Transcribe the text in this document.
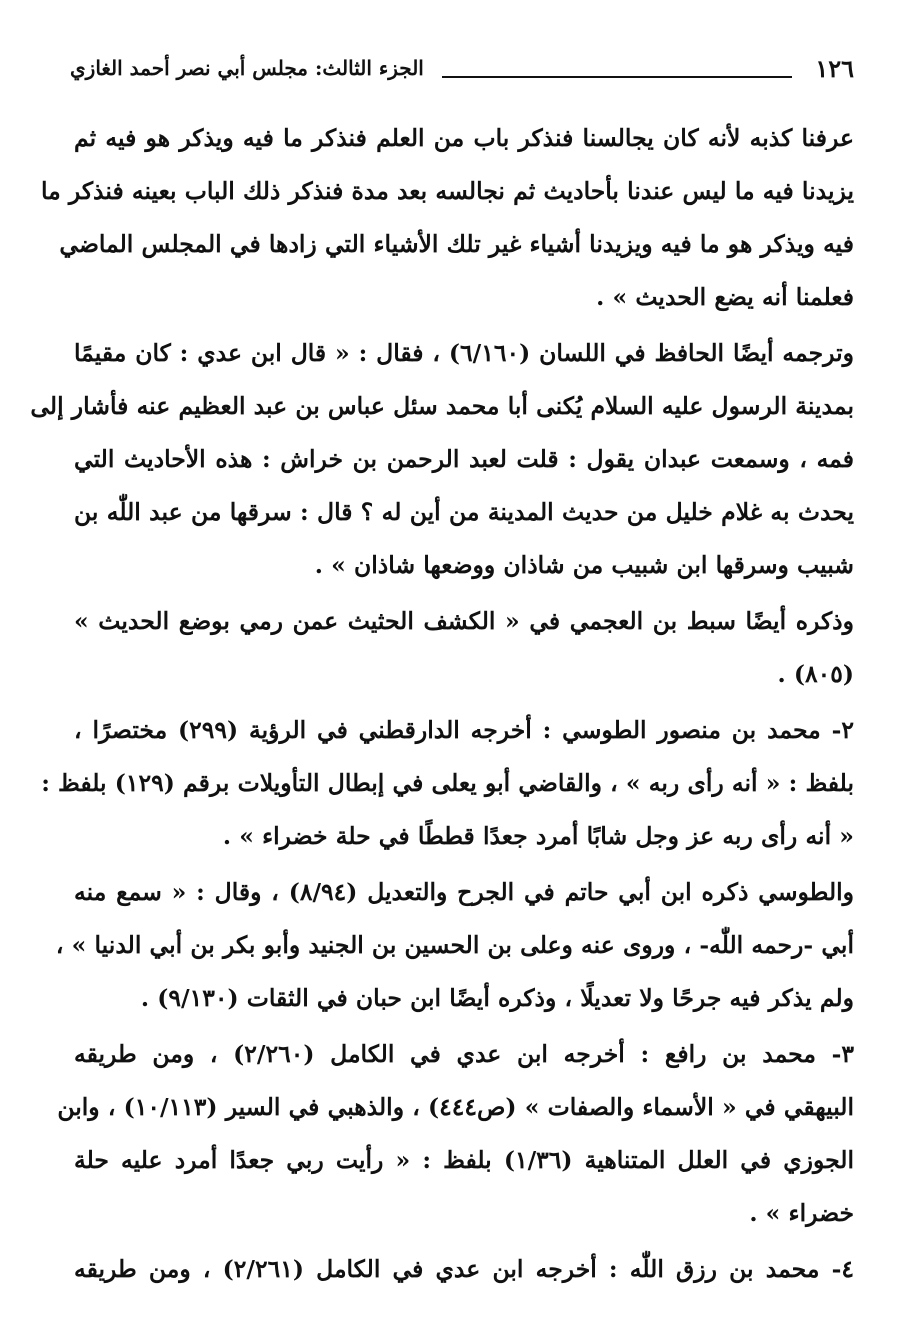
١٢٦
الجزء الثالث: مجلس أبي نصر أحمد الغازي
عرفنا كذبه لأنه كان يجالسنا فنذكر باب من العلم فنذكر ما فيه ويذكر هو فيه ثم
يزيدنا فيه ما ليس عندنا بأحاديث ثم نجالسه بعد مدة فنذكر ذلك الباب بعينه فنذكر ما
فيه ويذكر هو ما فيه ويزيدنا أشياء غير تلك الأشياء التي زادها في المجلس الماضي
فعلمنا أنه يضع الحديث » .
وترجمه أيضًا الحافظ في اللسان (٦/١٦٠) ، فقال : « قال ابن عدي : كان مقيمًا
بمدينة الرسول عليه السلام يُكنى أبا محمد سئل عباس بن عبد العظيم عنه فأشار إلى
فمه ، وسمعت عبدان يقول : قلت لعبد الرحمن بن خراش : هذه الأحاديث التي
يحدث به غلام خليل من حديث المدينة من أين له ؟ قال : سرقها من عبد اللّٰه بن
شبيب وسرقها ابن شبيب من شاذان ووضعها شاذان » .
وذكره أيضًا سبط بن العجمي في « الكشف الحثيث عمن رمي بوضع الحديث »
(٨٠٥) .
٢- محمد بن منصور الطوسي : أخرجه الدارقطني في الرؤية (٢٩٩) مختصرًا ،
بلفظ : « أنه رأى ربه » ، والقاضي أبو يعلى في إبطال التأويلات برقم (١٢٩) بلفظ :
« أنه رأى ربه عز وجل شابًا أمرد جعدًا قططًا في حلة خضراء » .
والطوسي ذكره ابن أبي حاتم في الجرح والتعديل (٨/٩٤) ، وقال : « سمع منه
أبي -رحمه اللّٰه- ، وروى عنه وعلى بن الحسين بن الجنيد وأبو بكر بن أبي الدنيا » ،
ولم يذكر فيه جرحًا ولا تعديلًا ، وذكره أيضًا ابن حبان في الثقات (٩/١٣٠) .
٣- محمد بن رافع : أخرجه ابن عدي في الكامل (٢/٢٦٠) ، ومن طريقه
البيهقي في « الأسماء والصفات » (ص٤٤٤) ، والذهبي في السير (١٠/١١٣) ، وابن
الجوزي في العلل المتناهية (١/٣٦) بلفظ : « رأيت ربي جعدًا أمرد عليه حلة
خضراء » .
٤- محمد بن رزق اللّٰه : أخرجه ابن عدي في الكامل (٢/٢٦١) ، ومن طريقه
